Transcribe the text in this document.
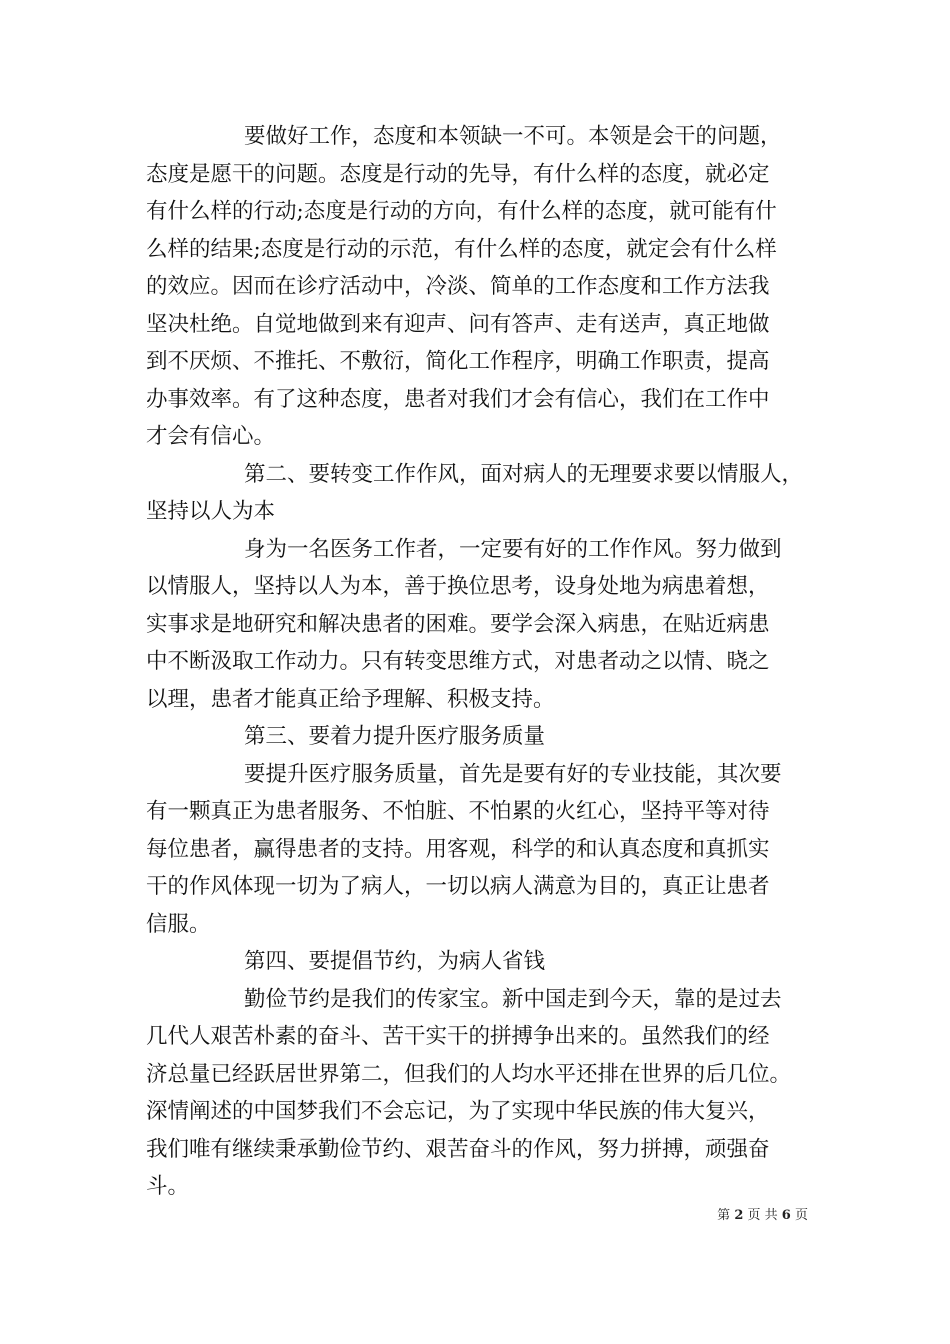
要做好工作，态度和本领缺一不可。本领是会干的问题，
态度是愿干的问题。态度是行动的先导，有什么样的态度，就必定
有什么样的行动;态度是行动的方向，有什么样的态度，就可能有什
么样的结果;态度是行动的示范，有什么样的态度，就定会有什么样
的效应。因而在诊疗活动中，冷淡、简单的工作态度和工作方法我
坚决杜绝。自觉地做到来有迎声、问有答声、走有送声，真正地做
到不厌烦、不推托、不敷衍，简化工作程序，明确工作职责，提高
办事效率。有了这种态度，患者对我们才会有信心，我们在工作中
才会有信心。

第二、要转变工作作风，面对病人的无理要求要以情服人，
坚持以人为本

身为一名医务工作者，一定要有好的工作作风。努力做到
以情服人，坚持以人为本，善于换位思考，设身处地为病患着想，
实事求是地研究和解决患者的困难。要学会深入病患，在贴近病患
中不断汲取工作动力。只有转变思维方式，对患者动之以情、晓之
以理，患者才能真正给予理解、积极支持。

第三、要着力提升医疗服务质量

要提升医疗服务质量，首先是要有好的专业技能，其次要
有一颗真正为患者服务、不怕脏、不怕累的火红心，坚持平等对待
每位患者，赢得患者的支持。用客观，科学的和认真态度和真抓实
干的作风体现一切为了病人，一切以病人满意为目的，真正让患者
信服。

第四、要提倡节约，为病人省钱

勤俭节约是我们的传家宝。新中国走到今天，靠的是过去
几代人艰苦朴素的奋斗、苦干实干的拼搏争出来的。虽然我们的经
济总量已经跃居世界第二，但我们的人均水平还排在世界的后几位。
深情阐述的中国梦我们不会忘记，为了实现中华民族的伟大复兴，
我们唯有继续秉承勤俭节约、艰苦奋斗的作风，努力拼搏，顽强奋
斗。

第 2 页 共 6 页
